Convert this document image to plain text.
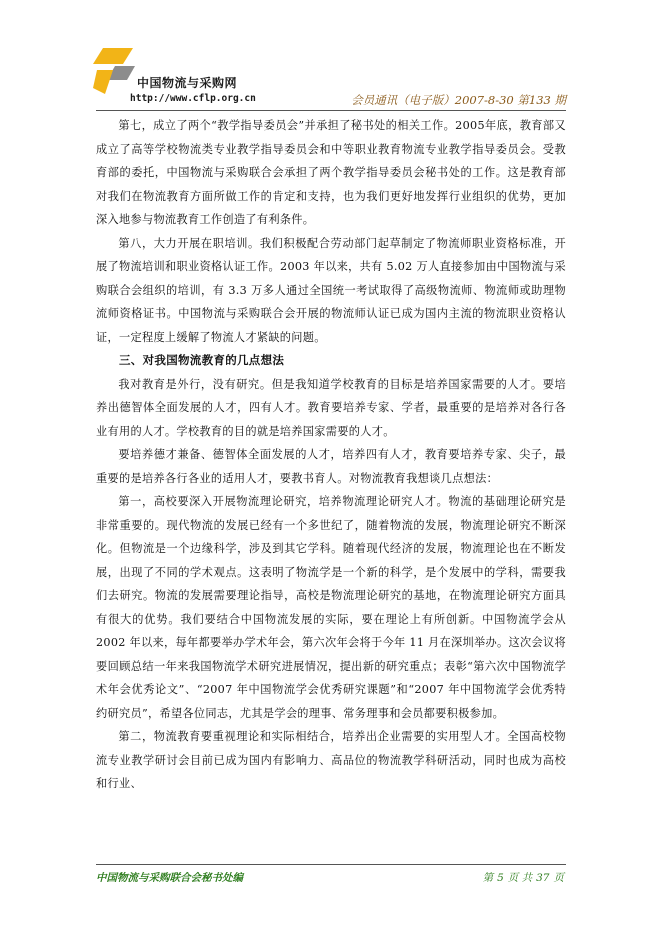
中国物流与采购网
http://www.cflp.org.cn	会员通讯（电子版）2007-8-30 第133 期

第七，成立了两个“教学指导委员会”并承担了秘书处的相关工作。2005年底，教育部又成立了高等学校物流类专业教学指导委员会和中等职业教育物流专业教学指导委员会。受教育部的委托，中国物流与采购联合会承担了两个教学指导委员会秘书处的工作。这是教育部对我们在物流教育方面所做工作的肯定和支持，也为我们更好地发挥行业组织的优势，更加深入地参与物流教育工作创造了有利条件。

第八，大力开展在职培训。我们积极配合劳动部门起草制定了物流师职业资格标准，开展了物流培训和职业资格认证工作。2003 年以来，共有 5.02 万人直接参加由中国物流与采购联合会组织的培训，有 3.3 万多人通过全国统一考试取得了高级物流师、物流师或助理物流师资格证书。中国物流与采购联合会开展的物流师认证已成为国内主流的物流职业资格认证，一定程度上缓解了物流人才紧缺的问题。

三、对我国物流教育的几点想法

我对教育是外行，没有研究。但是我知道学校教育的目标是培养国家需要的人才。要培养出德智体全面发展的人才，四有人才。教育要培养专家、学者，最重要的是培养对各行各业有用的人才。学校教育的目的就是培养国家需要的人才。

要培养德才兼备、德智体全面发展的人才，培养四有人才，教育要培养专家、尖子，最重要的是培养各行各业的适用人才，要教书育人。对物流教育我想谈几点想法：

第一，高校要深入开展物流理论研究，培养物流理论研究人才。物流的基础理论研究是非常重要的。现代物流的发展已经有一个多世纪了，随着物流的发展，物流理论研究不断深化。但物流是一个边缘科学，涉及到其它学科。随着现代经济的发展，物流理论也在不断发展，出现了不同的学术观点。这表明了物流学是一个新的科学，是个发展中的学科，需要我们去研究。物流的发展需要理论指导，高校是物流理论研究的基地，在物流理论研究方面具有很大的优势。我们要结合中国物流发展的实际，要在理论上有所创新。中国物流学会从 2002 年以来，每年都要举办学术年会，第六次年会将于今年 11 月在深圳举办。这次会议将要回顾总结一年来我国物流学术研究进展情况，提出新的研究重点；表彰“第六次中国物流学术年会优秀论文”、“2007 年中国物流学会优秀研究课题”和“2007 年中国物流学会优秀特约研究员”，希望各位同志，尤其是学会的理事、常务理事和会员都要积极参加。

第二，物流教育要重视理论和实际相结合，培养出企业需要的实用型人才。全国高校物流专业教学研讨会目前已成为国内有影响力、高品位的物流教学科研活动，同时也成为高校和行业、

中国物流与采购联合会秘书处编	第 5 页 共 37 页
